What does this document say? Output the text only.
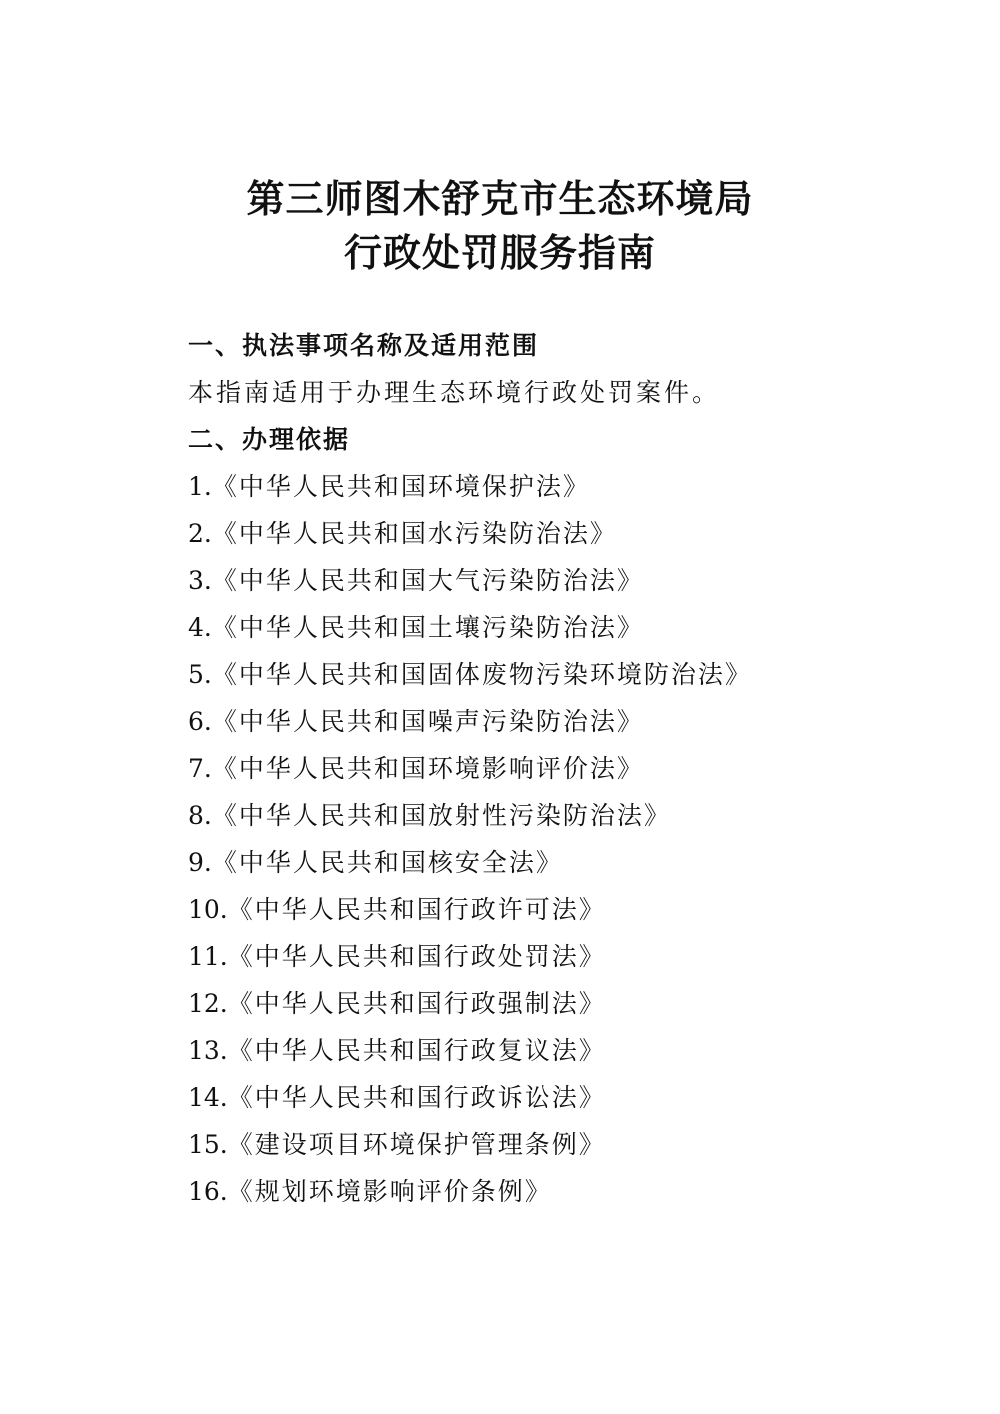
第三师图木舒克市生态环境局
行政处罚服务指南
一、执法事项名称及适用范围
本指南适用于办理生态环境行政处罚案件。
二、办理依据
1.《中华人民共和国环境保护法》
2.《中华人民共和国水污染防治法》
3.《中华人民共和国大气污染防治法》
4.《中华人民共和国土壤污染防治法》
5.《中华人民共和国固体废物污染环境防治法》
6.《中华人民共和国噪声污染防治法》
7.《中华人民共和国环境影响评价法》
8.《中华人民共和国放射性污染防治法》
9.《中华人民共和国核安全法》
10.《中华人民共和国行政许可法》
11.《中华人民共和国行政处罚法》
12.《中华人民共和国行政强制法》
13.《中华人民共和国行政复议法》
14.《中华人民共和国行政诉讼法》
15.《建设项目环境保护管理条例》
16.《规划环境影响评价条例》
